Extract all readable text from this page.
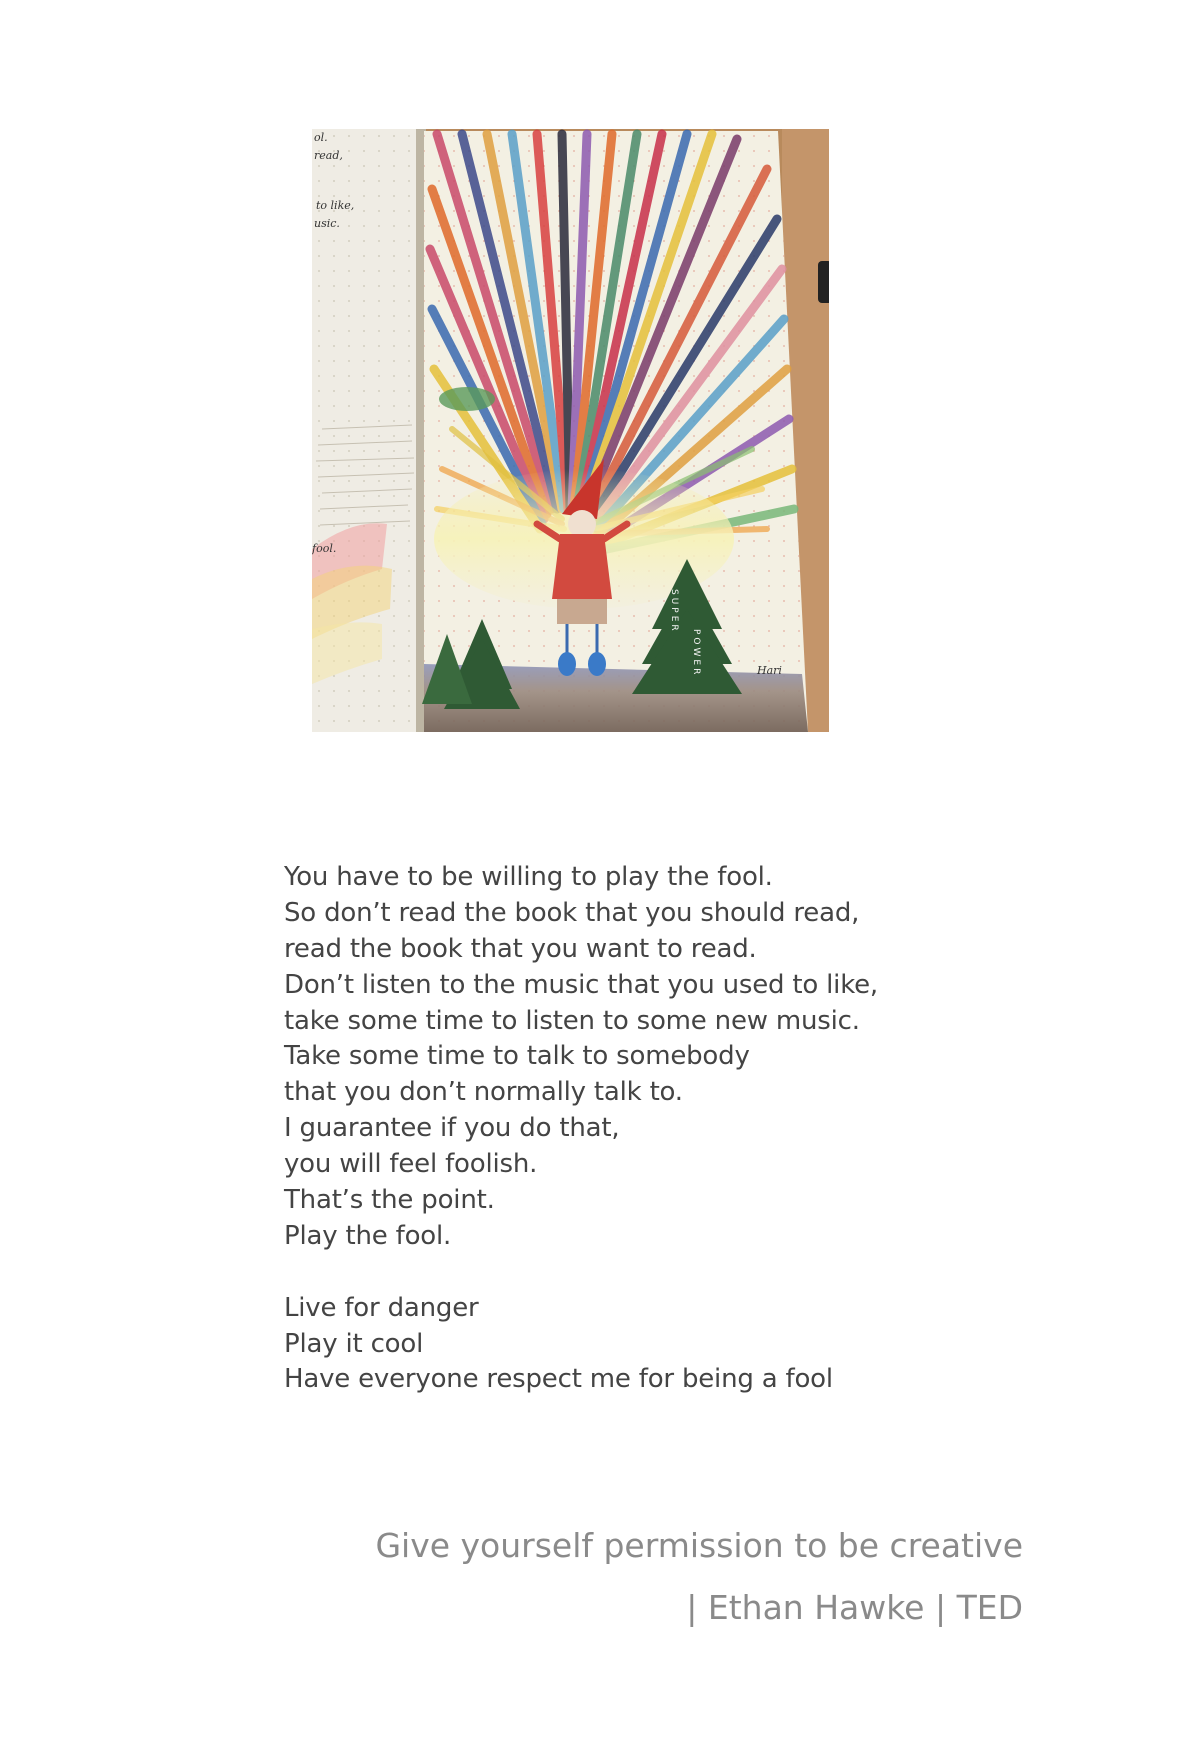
ol.
read,
to like,
usic.
fool.
SUPER
POWER	Hari
You have to be willing to play the fool.
So don’t read the book that you should read,
read the book that you want to read.
Don’t listen to the music that you used to like,
take some time to listen to some new music.
Take some time to talk to somebody
that you don’t normally talk to.
I guarantee if you do that,
you will feel foolish.
That’s the point.
Play the fool.
Live for danger
Play it cool
Have everyone respect me for being a fool
Give yourself permission to be creative
| Ethan Hawke | TED
